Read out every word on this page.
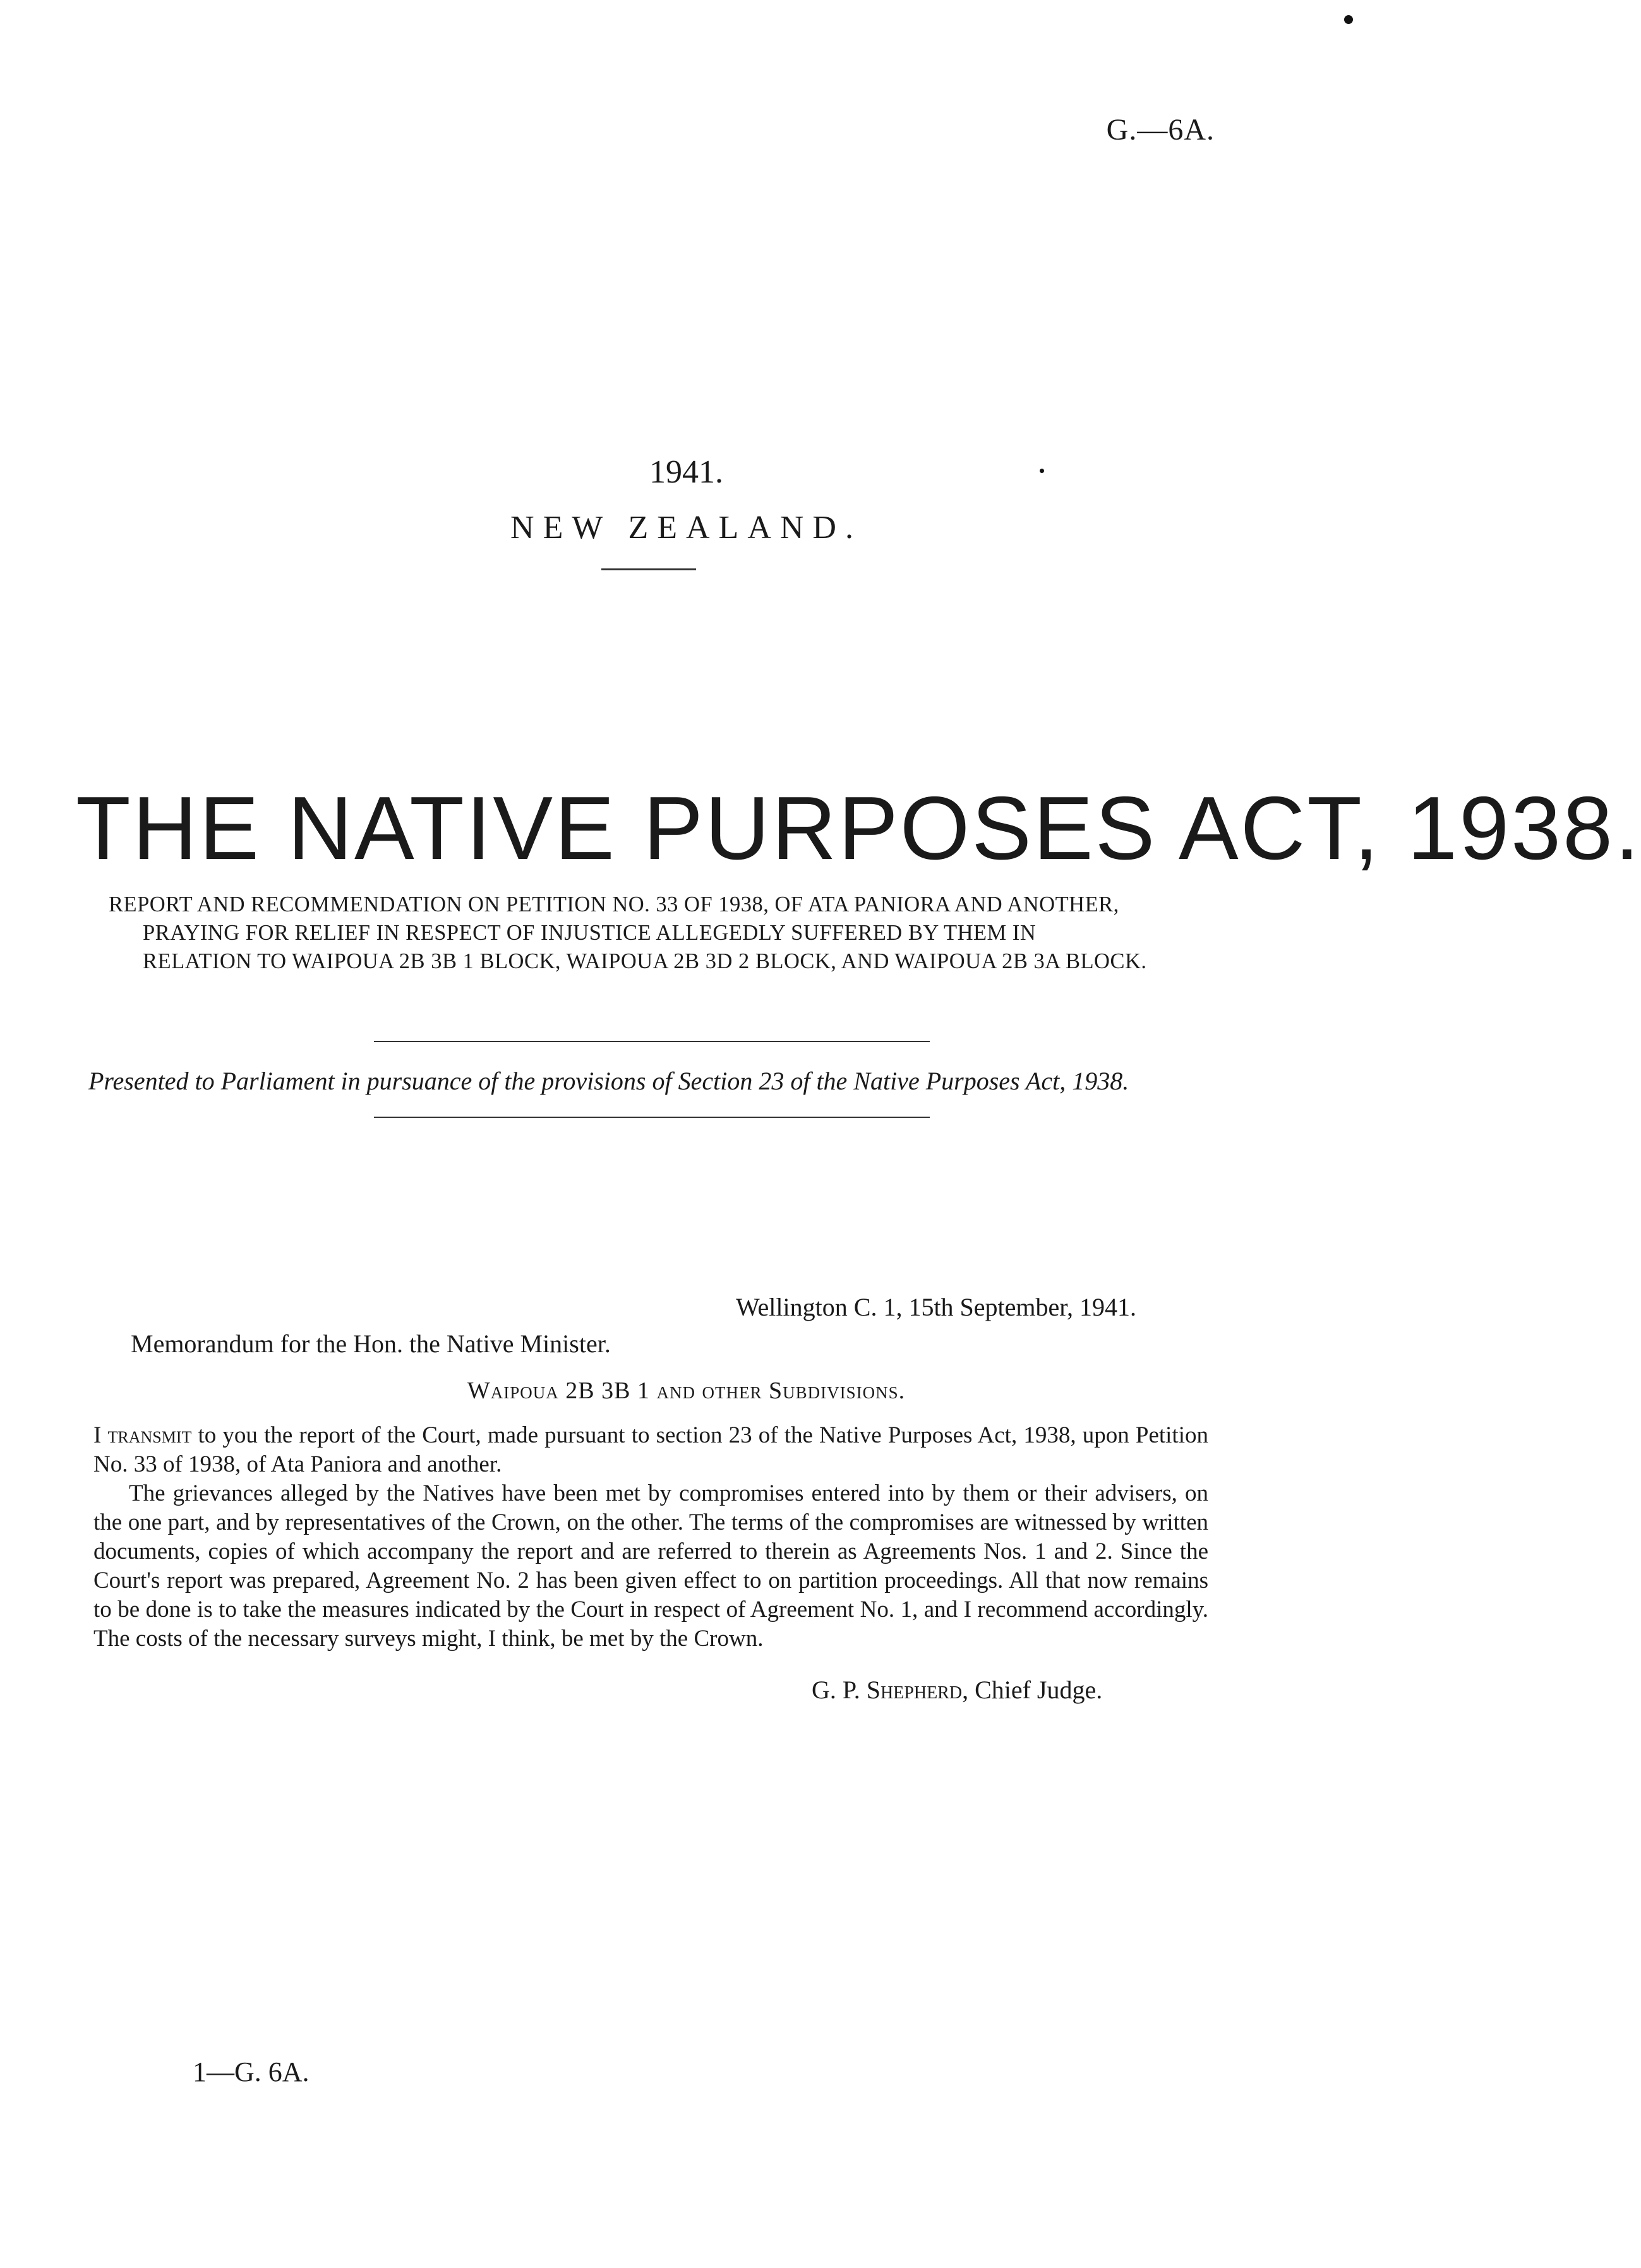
G.—6A.
1941.
NEW ZEALAND.
THE NATIVE PURPOSES ACT, 1938.
REPORT AND RECOMMENDATION ON PETITION NO. 33 OF 1938, OF ATA PANIORA AND ANOTHER,
PRAYING FOR RELIEF IN RESPECT OF INJUSTICE ALLEGEDLY SUFFERED BY THEM IN
RELATION TO WAIPOUA 2B 3B 1 BLOCK, WAIPOUA 2B 3D 2 BLOCK, AND WAIPOUA 2B 3A BLOCK.
Presented to Parliament in pursuance of the provisions of Section 23 of the Native Purposes Act, 1938.
Wellington C. 1, 15th September, 1941.
Memorandum for the Hon. the Native Minister.
Waipoua 2B 3B 1 and other Subdivisions.

I transmit to you the report of the Court, made pursuant to section 23 of the Native Purposes Act, 1938, upon Petition No. 33 of 1938, of Ata Paniora and another.

The grievances alleged by the Natives have been met by compromises entered into by them or their advisers, on the one part, and by representatives of the Crown, on the other. The terms of the compromises are witnessed by written documents, copies of which accompany the report and are referred to therein as Agreements Nos. 1 and 2. Since the Court's report was prepared, Agreement No. 2 has been given effect to on partition proceedings. All that now remains to be done is to take the measures indicated by the Court in respect of Agreement No. 1, and I recommend accordingly. The costs of the necessary surveys might, I think, be met by the Crown.

G. P. Shepherd, Chief Judge.
1—G. 6A.
